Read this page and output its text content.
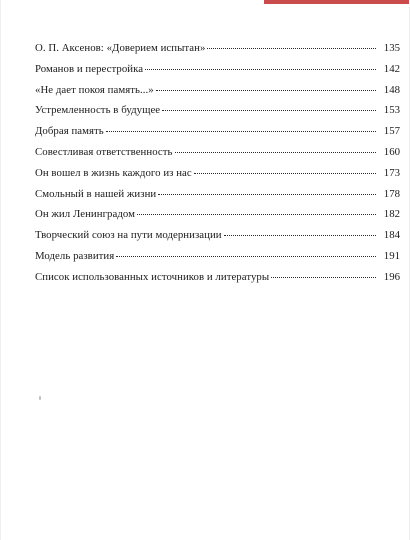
О. П. Аксенов: «Доверием испытан»	135
Романов и перестройка	142
«Не дает покоя память...»	148
Устремленность в будущее	153
Добрая память	157
Совестливая ответственность	160
Он вошел в жизнь каждого из нас	173
Смольный в нашей жизни	178
Он жил Ленинградом	182
Творческий союз на пути модернизации	184
Модель развития	191
Список использованных источников и литературы	196
